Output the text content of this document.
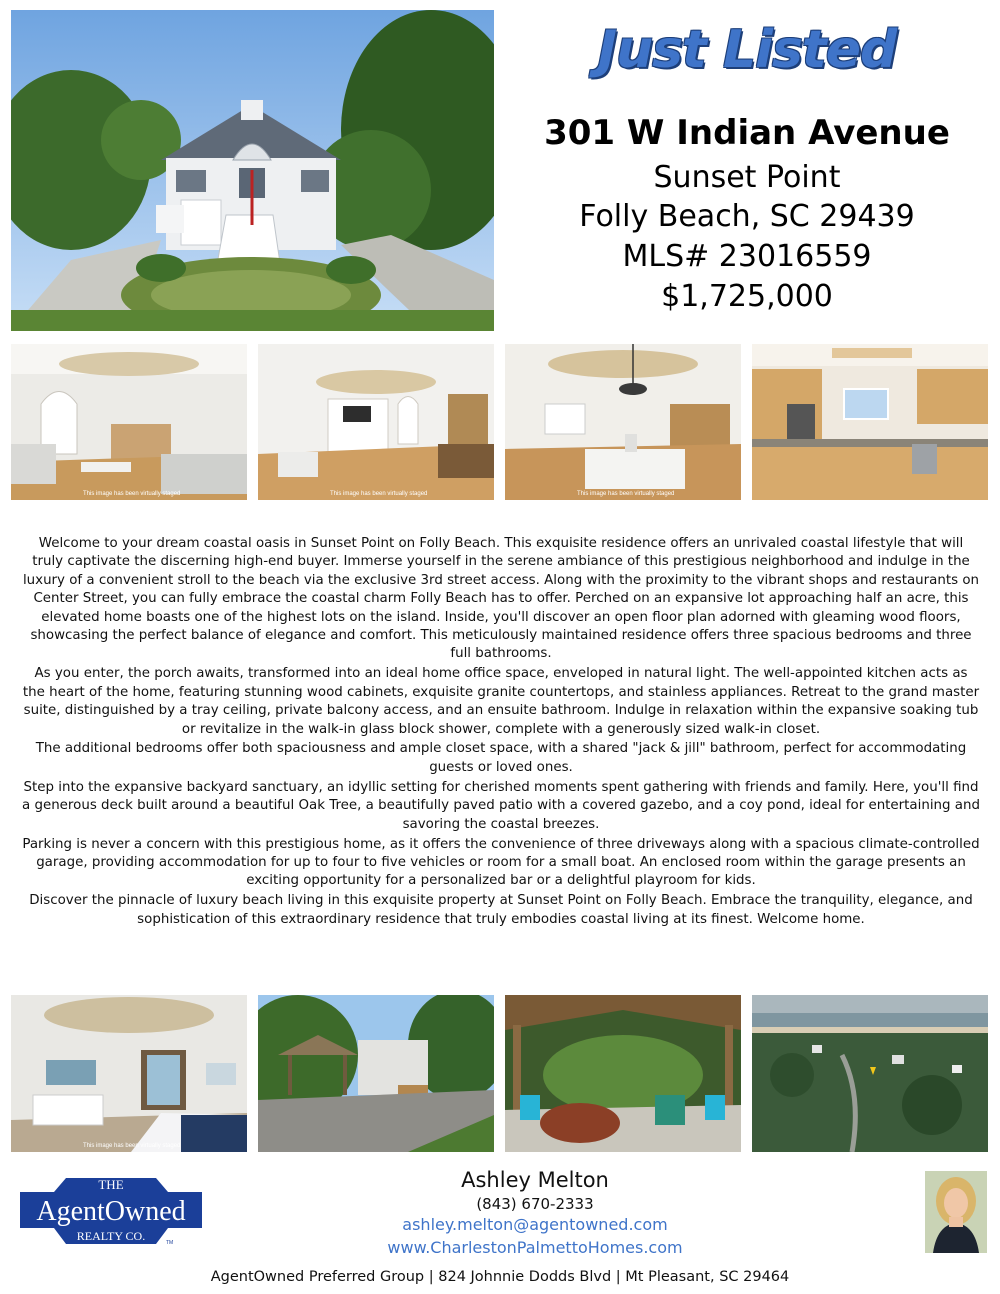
Just Listed
301 W Indian Avenue
Sunset Point
Folly Beach, SC 29439
MLS# 23016559
$1,725,000
This image has been virtually staged	This image has been virtually staged	This image has been virtually staged

Welcome to your dream coastal oasis in Sunset Point on Folly Beach. This exquisite residence offers an unrivaled coastal lifestyle that will truly captivate the discerning high-end buyer. Immerse yourself in the serene ambiance of this prestigious neighborhood and indulge in the luxury of a convenient stroll to the beach via the exclusive 3rd street access. Along with the proximity to the vibrant shops and restaurants on Center Street, you can fully embrace the coastal charm Folly Beach has to offer. Perched on an expansive lot approaching half an acre, this elevated home boasts one of the highest lots on the island. Inside, you'll discover an open floor plan adorned with gleaming wood floors, showcasing the perfect balance of elegance and comfort. This meticulously maintained residence offers three spacious bedrooms and three full bathrooms.

As you enter, the porch awaits, transformed into an ideal home office space, enveloped in natural light. The well-appointed kitchen acts as the heart of the home, featuring stunning wood cabinets, exquisite granite countertops, and stainless appliances. Retreat to the grand master suite, distinguished by a tray ceiling, private balcony access, and an ensuite bathroom. Indulge in relaxation within the expansive soaking tub or revitalize in the walk-in glass block shower, complete with a generously sized walk-in closet.

The additional bedrooms offer both spaciousness and ample closet space, with a shared "jack & jill" bathroom, perfect for accommodating guests or loved ones.

Step into the expansive backyard sanctuary, an idyllic setting for cherished moments spent gathering with friends and family. Here, you'll find a generous deck built around a beautiful Oak Tree, a beautifully paved patio with a covered gazebo, and a coy pond, ideal for entertaining and savoring the coastal breezes.

Parking is never a concern with this prestigious home, as it offers the convenience of three driveways along with a spacious climate-controlled garage, providing accommodation for up to four to five vehicles or room for a small boat. An enclosed room within the garage presents an exciting opportunity for a personalized bar or a delightful playroom for kids.

Discover the pinnacle of luxury beach living in this exquisite property at Sunset Point on Folly Beach. Embrace the tranquility, elegance, and sophistication of this extraordinary residence that truly embodies coastal living at its finest. Welcome home.

This image has been virtually staged
THE
AgentOwned
REALTY CO.	TM
Ashley Melton
(843) 670-2333
ashley.melton@agentowned.com
www.CharlestonPalmettoHomes.com
AgentOwned Preferred Group | 824 Johnnie Dodds Blvd | Mt Pleasant, SC 29464
